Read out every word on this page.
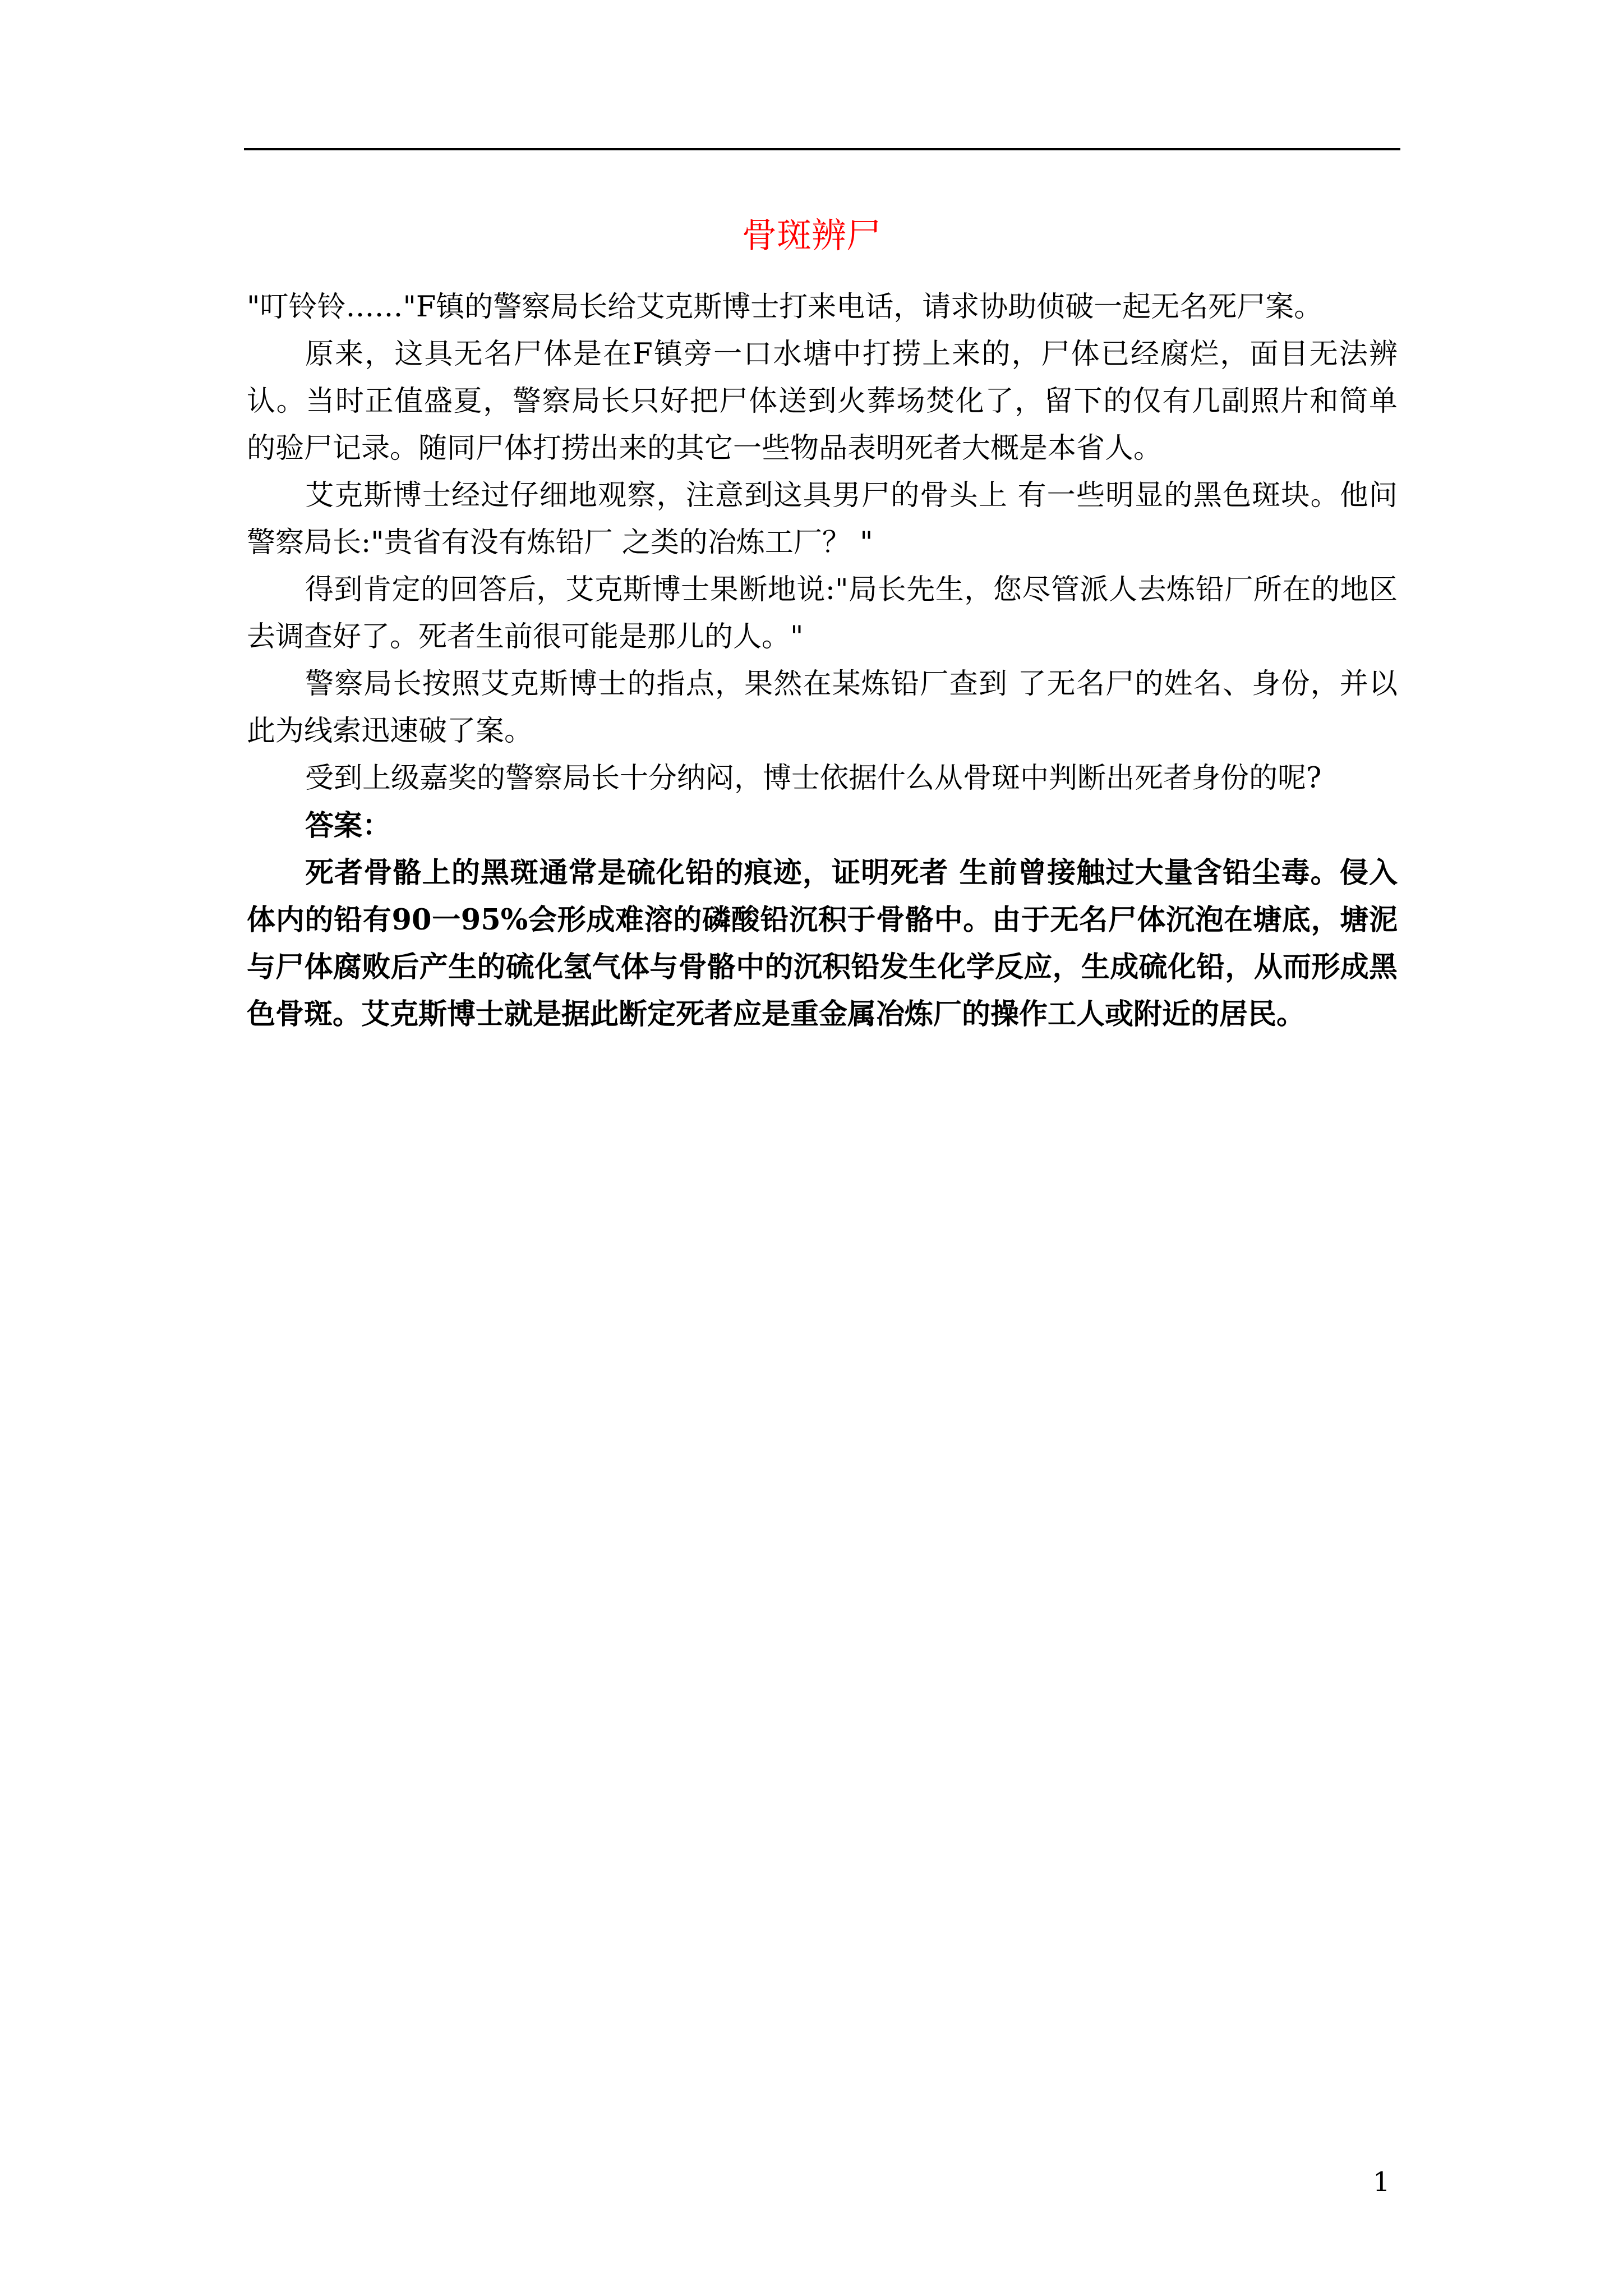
骨斑辨尸

"叮铃铃……"F镇的警察局长给艾克斯博士打来电话，请求协助侦破一起无名死尸案。

原来，这具无名尸体是在F镇旁一口水塘中打捞上来的，尸体已经腐烂，面目无法辨认。当时正值盛夏，警察局长只好把尸体送到火葬场焚化了，留下的仅有几副照片和简单 的验尸记录。随同尸体打捞出来的其它一些物品表明死者大概是本省人。

艾克斯博士经过仔细地观察，注意到这具男尸的骨头上 有一些明显的黑色斑块。他问警察局长:"贵省有没有炼铅厂 之类的冶炼工厂？ "

得到肯定的回答后，艾克斯博士果断地说:"局长先生，您尽管派人去炼铅厂所在的地区去调查好了。死者生前很可能是那儿的人。"

警察局长按照艾克斯博士的指点，果然在某炼铅厂查到 了无名尸的姓名、身份，并以此为线索迅速破了案。

受到上级嘉奖的警察局长十分纳闷，博士依据什么从骨斑中判断出死者身份的呢?

答案：

死者骨骼上的黑斑通常是硫化铅的痕迹，证明死者 生前曾接触过大量含铅尘毒。侵入体内的铅有90一95%会形成难溶的磷酸铅沉积于骨骼中。由于无名尸体沉泡在塘底，塘泥与尸体腐败后产生的硫化氢气体与骨骼中的沉积铅发生化学反应，生成硫化铅，从而形成黑色骨斑。艾克斯博士就是据此断定死者应是重金属冶炼厂的操作工人或附近的居民。

1
